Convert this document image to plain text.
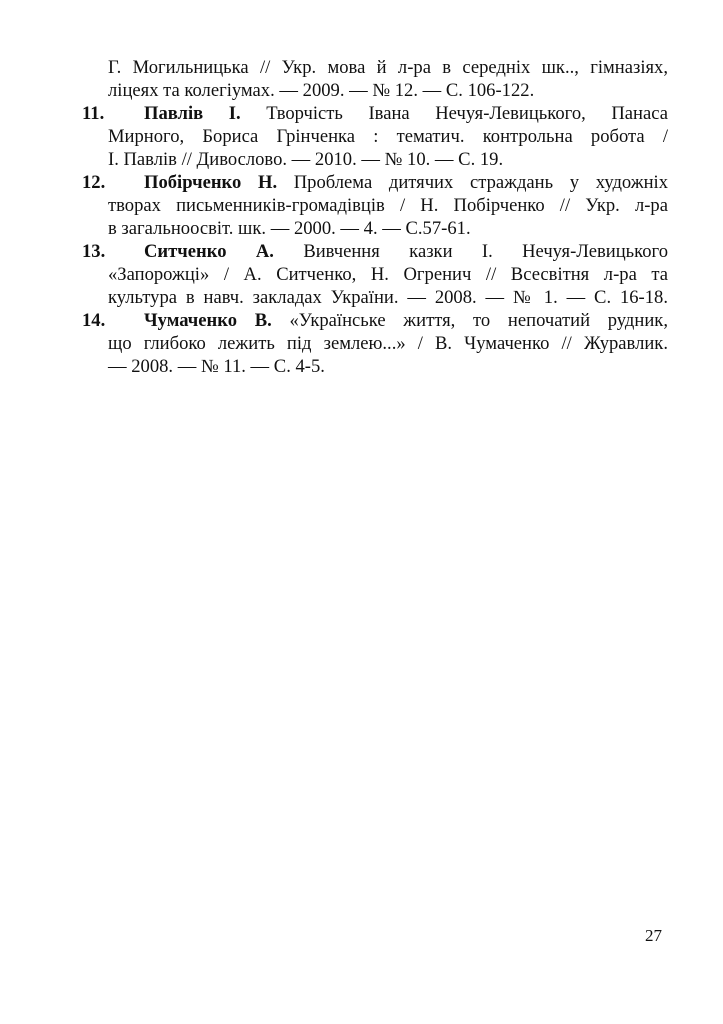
Г. Могильницька // Укр. мова й л-ра в середніх шк.., гімназіях,
ліцеях та колегіумах. — 2009. — № 12. — С. 106-122.
11. Павлів І. Творчість Івана Нечуя-Левицького, Панаса
Мирного, Бориса Грінченка : тематич. контрольна робота /
І. Павлів // Дивослово. — 2010. — № 10. — С. 19.
12. Побірченко Н. Проблема дитячих страждань у художніх
творах письменників-громадівців / Н. Побірченко // Укр. л-ра
в загальноосвіт. шк. — 2000. — 4. — С.57-61.
13. Ситченко А. Вивчення казки І. Нечуя-Левицького
«Запорожці» / А. Ситченко, Н. Огренич // Всесвітня л-ра та
культура в навч. закладах України. — 2008. — № 1. — С. 16-18.
14. Чумаченко В. «Українське життя, то непочатий рудник,
що глибоко лежить під землею...» / В. Чумаченко // Журавлик.
— 2008. — № 11. — С. 4-5.
27
